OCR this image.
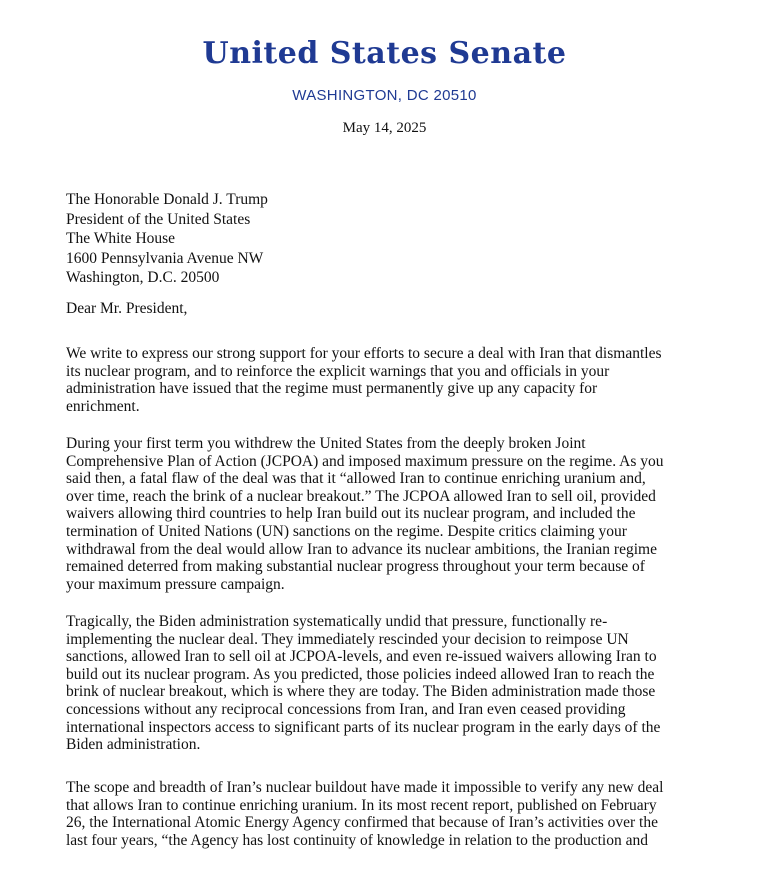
United States Senate
WASHINGTON, DC 20510
May 14, 2025
The Honorable Donald J. Trump
President of the United States
The White House
1600 Pennsylvania Avenue NW
Washington, D.C. 20500
Dear Mr. President,
We write to express our strong support for your efforts to secure a deal with Iran that dismantles
its nuclear program, and to reinforce the explicit warnings that you and officials in your
administration have issued that the regime must permanently give up any capacity for
enrichment.
During your first term you withdrew the United States from the deeply broken Joint
Comprehensive Plan of Action (JCPOA) and imposed maximum pressure on the regime. As you
said then, a fatal flaw of the deal was that it “allowed Iran to continue enriching uranium and,
over time, reach the brink of a nuclear breakout.” The JCPOA allowed Iran to sell oil, provided
waivers allowing third countries to help Iran build out its nuclear program, and included the
termination of United Nations (UN) sanctions on the regime. Despite critics claiming your
withdrawal from the deal would allow Iran to advance its nuclear ambitions, the Iranian regime
remained deterred from making substantial nuclear progress throughout your term because of
your maximum pressure campaign.
Tragically, the Biden administration systematically undid that pressure, functionally re-
implementing the nuclear deal. They immediately rescinded your decision to reimpose UN
sanctions, allowed Iran to sell oil at JCPOA-levels, and even re-issued waivers allowing Iran to
build out its nuclear program. As you predicted, those policies indeed allowed Iran to reach the
brink of nuclear breakout, which is where they are today. The Biden administration made those
concessions without any reciprocal concessions from Iran, and Iran even ceased providing
international inspectors access to significant parts of its nuclear program in the early days of the
Biden administration.
The scope and breadth of Iran’s nuclear buildout have made it impossible to verify any new deal
that allows Iran to continue enriching uranium. In its most recent report, published on February
26, the International Atomic Energy Agency confirmed that because of Iran’s activities over the
last four years, “the Agency has lost continuity of knowledge in relation to the production and
